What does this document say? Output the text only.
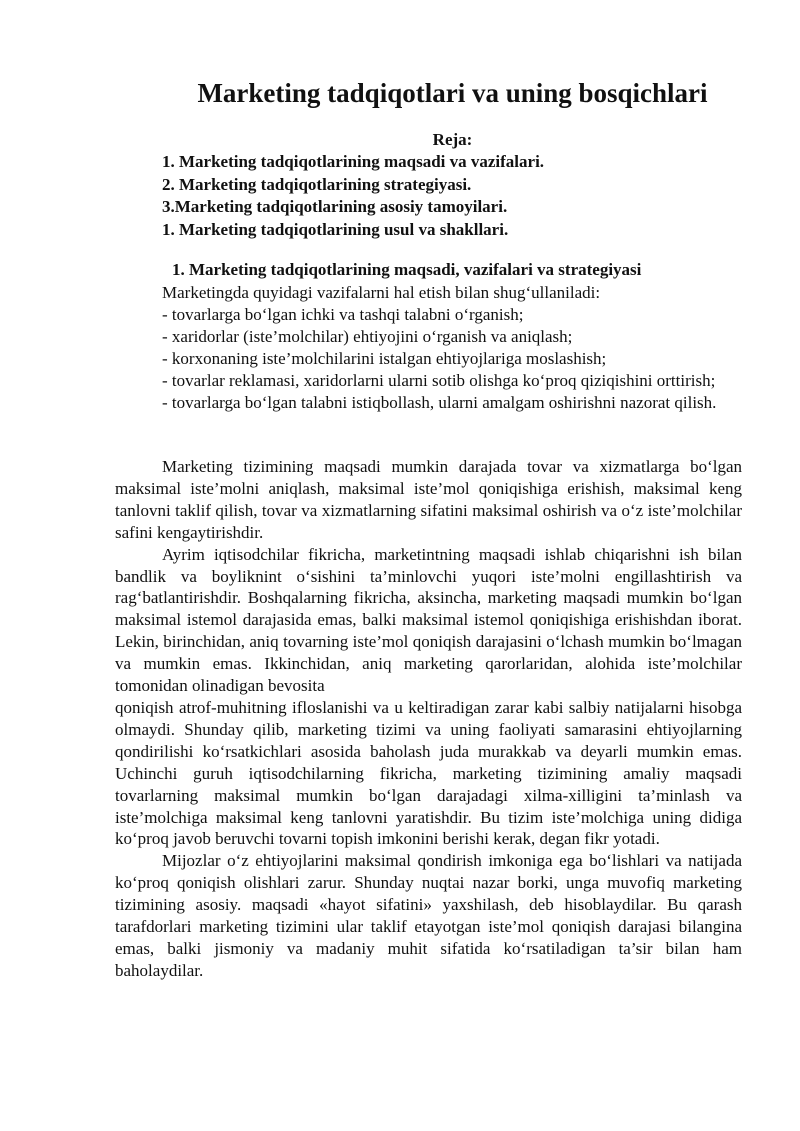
Marketing tadqiqotlari va uning bosqichlari
Reja:
1. Marketing tadqiqotlarining maqsadi va vazifalari.
2. Marketing tadqiqotlarining strategiyasi.
3.Marketing tadqiqotlarining asosiy tamoyilari.
1. Marketing tadqiqotlarining usul va shakllari.
1. Marketing tadqiqotlarining maqsadi, vazifalari va strategiyasi
Marketingda quyidagi vazifalarni hal etish bilan shug‘ullaniladi:
- tovarlarga bo‘lgan ichki va tashqi talabni o‘rganish;
- xaridorlar (iste’molchilar) ehtiyojini o‘rganish va aniqlash;
- korxonaning iste’molchilarini istalgan ehtiyojlariga moslashish;
- tovarlar reklamasi, xaridorlarni ularni sotib olishga ko‘proq qiziqishini orttirish;
- tovarlarga bo‘lgan talabni istiqbollash, ularni amalgam oshirishni nazorat qilish.

Marketing tizimining maqsadi mumkin darajada tovar va xizmatlarga bo‘lgan maksimal iste’molni aniqlash, maksimal iste’mol qoniqishiga erishish, maksimal keng tanlovni taklif qilish, tovar va xizmatlarning sifatini maksimal oshirish va o‘z iste’molchilar safini kengaytirishdir.

Ayrim iqtisodchilar fikricha, marketintning maqsadi ishlab chiqarishni ish bilan bandlik va boyliknint o‘sishini ta’minlovchi yuqori iste’molni engillashtirish va rag‘batlantirishdir. Boshqalarning fikricha, aksincha, marketing maqsadi mumkin bo‘lgan maksimal istemol darajasida emas, balki maksimal istemol qoniqishiga erishishdan iborat. Lekin, birinchidan, aniq tovarning iste’mol qoniqish darajasini o‘lchash mumkin bo‘lmagan va mumkin emas. Ikkinchidan, aniq marketing qarorlaridan, alohida iste’molchilar tomonidan olinadigan bevosita

qoniqish atrof-muhitning ifloslanishi va u keltiradigan zarar kabi salbiy natijalarni hisobga olmaydi. Shunday qilib, marketing tizimi va uning faoliyati samarasini ehtiyojlarning qondirilishi ko‘rsatkichlari asosida baholash juda murakkab va deyarli mumkin emas. Uchinchi guruh iqtisodchilarning fikricha, marketing tizimining amaliy maqsadi tovarlarning maksimal mumkin bo‘lgan darajadagi xilma-xilligini ta’minlash va iste’molchiga maksimal keng tanlovni yaratishdir. Bu tizim iste’molchiga uning didiga ko‘proq javob beruvchi tovarni topish imkonini berishi kerak, degan fikr yotadi.

Mijozlar o‘z ehtiyojlarini maksimal qondirish imkoniga ega bo‘lishlari va natijada ko‘proq qoniqish olishlari zarur. Shunday nuqtai nazar borki, unga muvofiq marketing tizimining asosiy. maqsadi «hayot sifatini» yaxshilash, deb hisoblaydilar. Bu qarash tarafdorlari marketing tizimini ular taklif etayotgan iste’mol qoniqish darajasi bilangina emas, balki jismoniy va madaniy muhit sifatida ko‘rsatiladigan ta’sir bilan ham baholaydilar.
